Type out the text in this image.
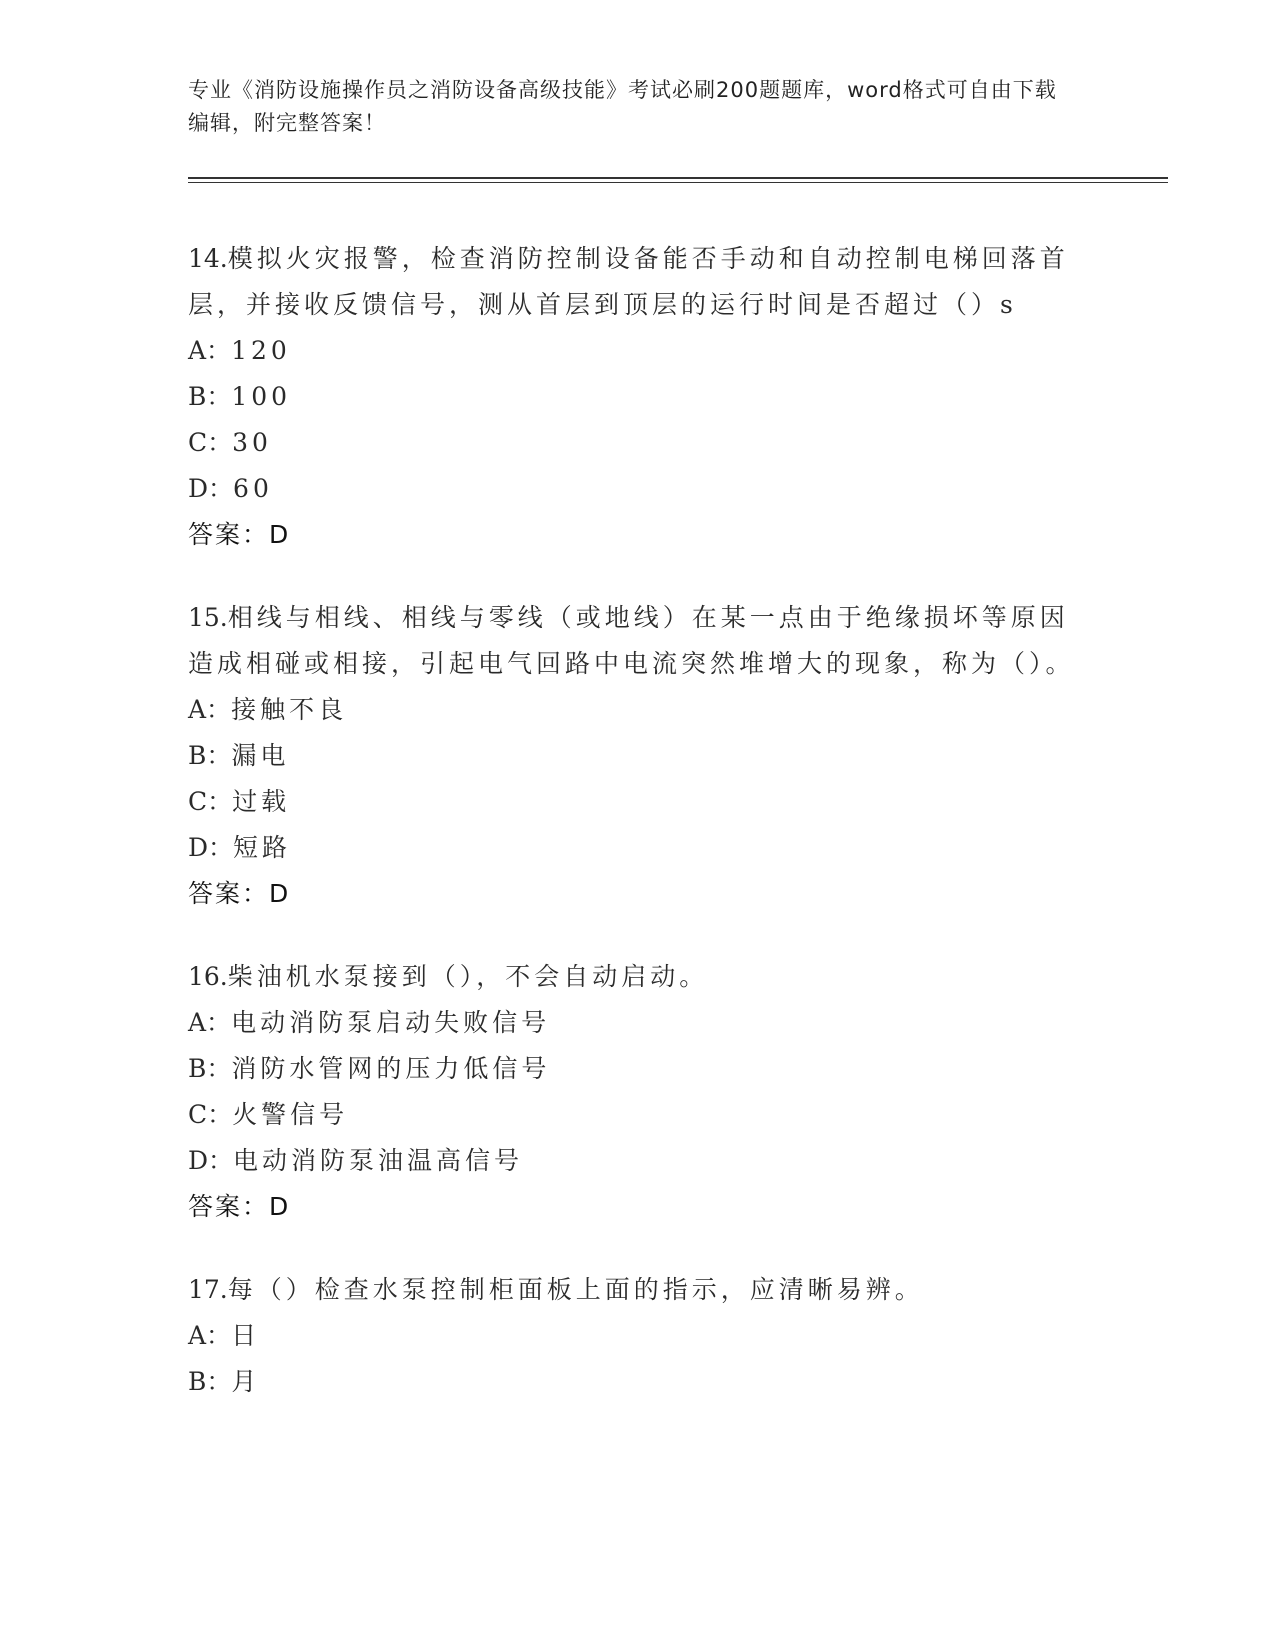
专业《消防设施操作员之消防设备高级技能》考试必刷200题题库，word格式可自由下载编辑，附完整答案！

14.模拟火灾报警，检查消防控制设备能否手动和自动控制电梯回落首层，并接收反馈信号，测从首层到顶层的运行时间是否超过（）s

A：120

B：100

C：30

D：60

答案：D

15.相线与相线、相线与零线（或地线）在某一点由于绝缘损坏等原因造成相碰或相接，引起电气回路中电流突然堆增大的现象，称为（）。

A：接触不良

B：漏电

C：过载

D：短路

答案：D

16.柴油机水泵接到（），不会自动启动。

A：电动消防泵启动失败信号

B：消防水管网的压力低信号

C：火警信号

D：电动消防泵油温高信号

答案：D

17.每（）检查水泵控制柜面板上面的指示，应清晰易辨。

A：日

B：月
